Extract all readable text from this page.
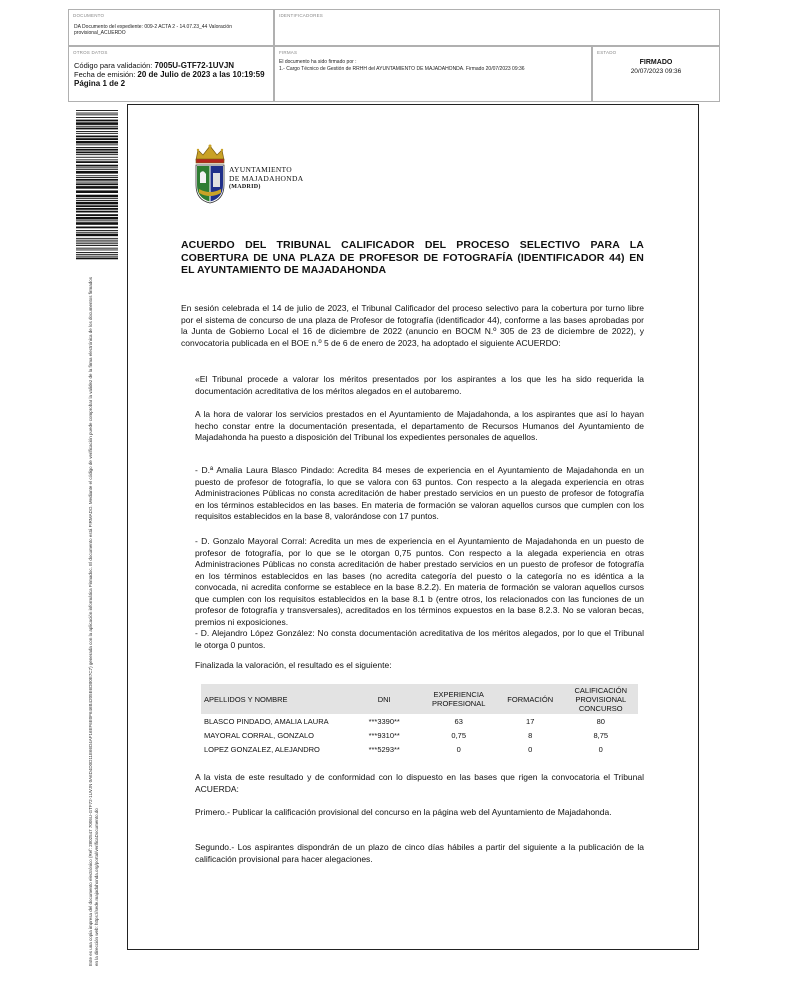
DOCUMENTO
DA Documento del expediente: 009-2 ACTA 2 - 14.07.23_44 Valoración provisional_ACUERDO
IDENTIFICADORES
OTROS DATOS
Código para validación: 7005U-GTF72-1UVJN
Fecha de emisión: 20 de Julio de 2023 a las 10:19:59
Página 1 de 2
FIRMAS
El documento ha sido firmado por :
1.- Cargo Técnico de Gestión de RRHH del AYUNTAMIENTO DE MAJADAHONDA. Firmado 20/07/2023 09:36
ESTADO
FIRMADO
20/07/2023 09:36
Este es una copia impresa del documento electrónico (Ref: 2802547 7005U-GTF72-1UVJN 0A6D4D0D11E66D4AF16EF6E0F646B4205E6DB0E7C7) generada con la aplicación informática Firmadoc. El documento está FIRMADO. Mediante el código de verificación puede comprobar la validez de la firma electrónica de los documentos firmados en la dirección web: https://sede.majadahonda.org/portal/verificaDocumento.do
AYUNTAMIENTO
DE MAJADAHONDA
(MADRID)
ACUERDO DEL TRIBUNAL CALIFICADOR DEL PROCESO SELECTIVO PARA LA COBERTURA DE UNA PLAZA DE PROFESOR DE FOTOGRAFÍA (IDENTIFICADOR 44) EN EL AYUNTAMIENTO DE MAJADAHONDA
En sesión celebrada el 14 de julio de 2023, el Tribunal Calificador del proceso selectivo para la cobertura por turno libre por el sistema de concurso de una plaza de Profesor de fotografía (identificador 44), conforme a las bases aprobadas por la Junta de Gobierno Local el 16 de diciembre de 2022 (anuncio en BOCM N.º 305 de 23 de diciembre de 2022), y convocatoria publicada en el BOE n.º 5 de 6 de enero de 2023, ha adoptado el siguiente ACUERDO:
«El Tribunal procede a valorar los méritos presentados por los aspirantes a los que les ha sido requerida la documentación acreditativa de los méritos alegados en el autobaremo.
A la hora de valorar los servicios prestados en el Ayuntamiento de Majadahonda, a los aspirantes que así lo hayan hecho constar entre la documentación presentada, el departamento de Recursos Humanos del Ayuntamiento de Majadahonda ha puesto a disposición del Tribunal los expedientes personales de aquellos.
- D.ª Amalia Laura Blasco Pindado: Acredita 84 meses de experiencia en el Ayuntamiento de Majadahonda en un puesto de profesor de fotografía, lo que se valora con 63 puntos. Con respecto a la alegada experiencia en otras Administraciones Públicas no consta acreditación de haber prestado servicios en un puesto de profesor de fotografía en los términos establecidos en las bases. En materia de formación se valoran aquellos cursos que cumplen con los requisitos establecidos en la base 8, valorándose con 17 puntos.
- D. Gonzalo Mayoral Corral: Acredita un mes de experiencia en el Ayuntamiento de Majadahonda en un puesto de profesor de fotografía, por lo que se le otorgan 0,75 puntos. Con respecto a la alegada experiencia en otras Administraciones Públicas no consta acreditación de haber prestado servicios en un puesto de profesor de fotografía en los términos establecidos en las bases (no acredita categoría del puesto o la categoría no es idéntica a la convocada, ni acredita conforme se establece en la base 8.2.2). En materia de formación se valoran aquellos cursos que cumplen con los requisitos establecidos en la base 8.1 b (entre otros, los relacionados con las funciones de un profesor de fotografía y transversales), acreditados en los términos expuestos en la base 8.2.3. No se valoran becas, premios ni exposiciones.
- D. Alejandro López González: No consta documentación acreditativa de los méritos alegados, por lo que el Tribunal le otorga 0 puntos.
Finalizada la valoración, el resultado es el siguiente:
APELLIDOS Y NOMBRE	DNI	EXPERIENCIA PROFESIONAL	FORMACIÓN	CALIFICACIÓN PROVISIONAL CONCURSO
BLASCO PINDADO, AMALIA LAURA	***3390**	63	17	80
MAYORAL CORRAL, GONZALO	***9310**	0,75	8	8,75
LOPEZ GONZALEZ, ALEJANDRO	***5293**	0	0	0
A la vista de este resultado y de conformidad con lo dispuesto en las bases que rigen la convocatoria el Tribunal ACUERDA:
Primero.- Publicar la calificación provisional del concurso en la página web del Ayuntamiento de Majadahonda.
Segundo.- Los aspirantes dispondrán de un plazo de cinco días hábiles a partir del siguiente a la publicación de la calificación provisional para hacer alegaciones.
